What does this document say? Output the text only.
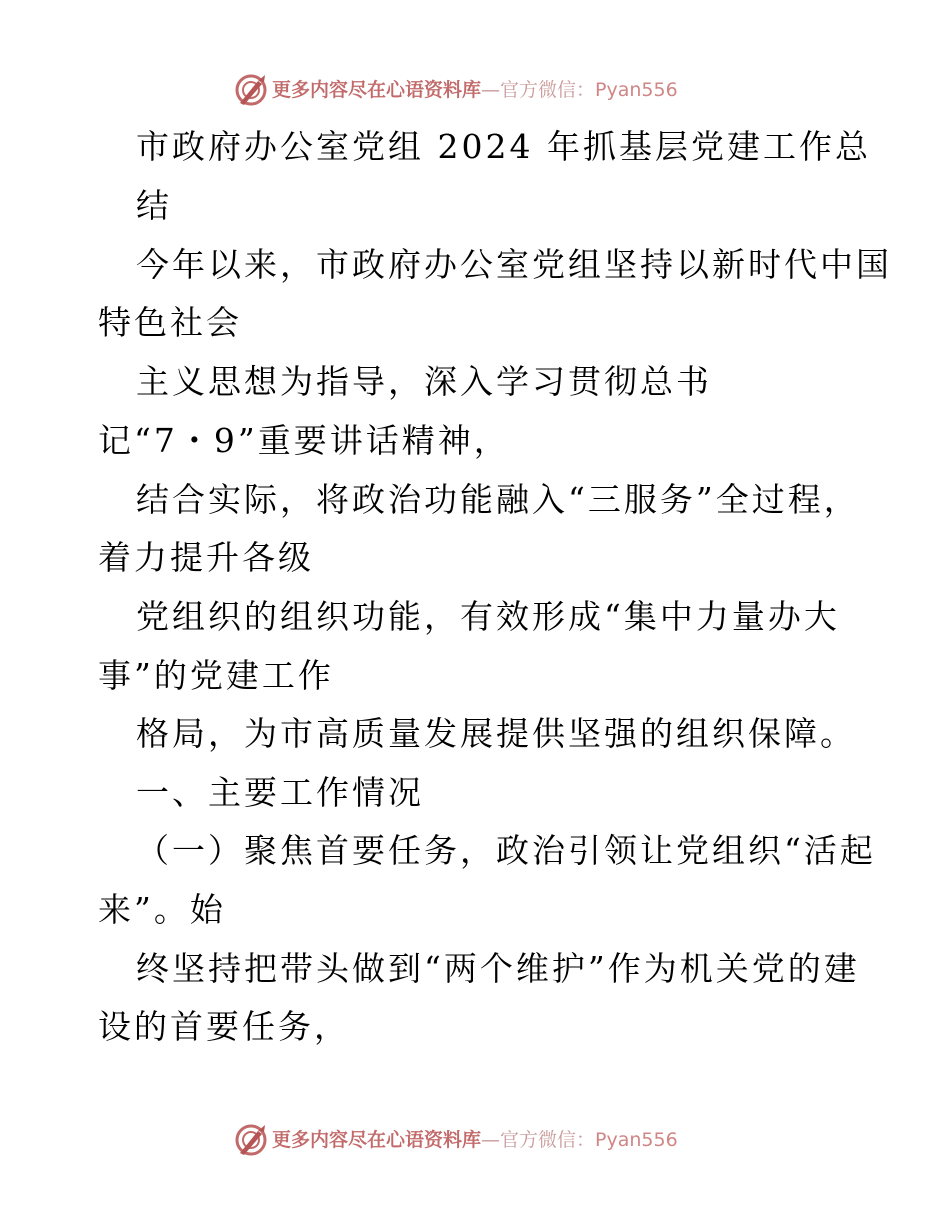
更多内容尽在心语资料库—官方微信：Pyan556
市政府办公室党组 2024 年抓基层党建工作总
结
今年以来，市政府办公室党组坚持以新时代中国
特色社会
主义思想为指导，深入学习贯彻总书
记“7・9”重要讲话精神，
结合实际，将政治功能融入“三服务”全过程，
着力提升各级
党组织的组织功能，有效形成“集中力量办大
事”的党建工作
格局，为市高质量发展提供坚强的组织保障。
一、主要工作情况
（一）聚焦首要任务，政治引领让党组织“活起
来”。始
终坚持把带头做到“两个维护”作为机关党的建
设的首要任务，
更多内容尽在心语资料库—官方微信：Pyan556
